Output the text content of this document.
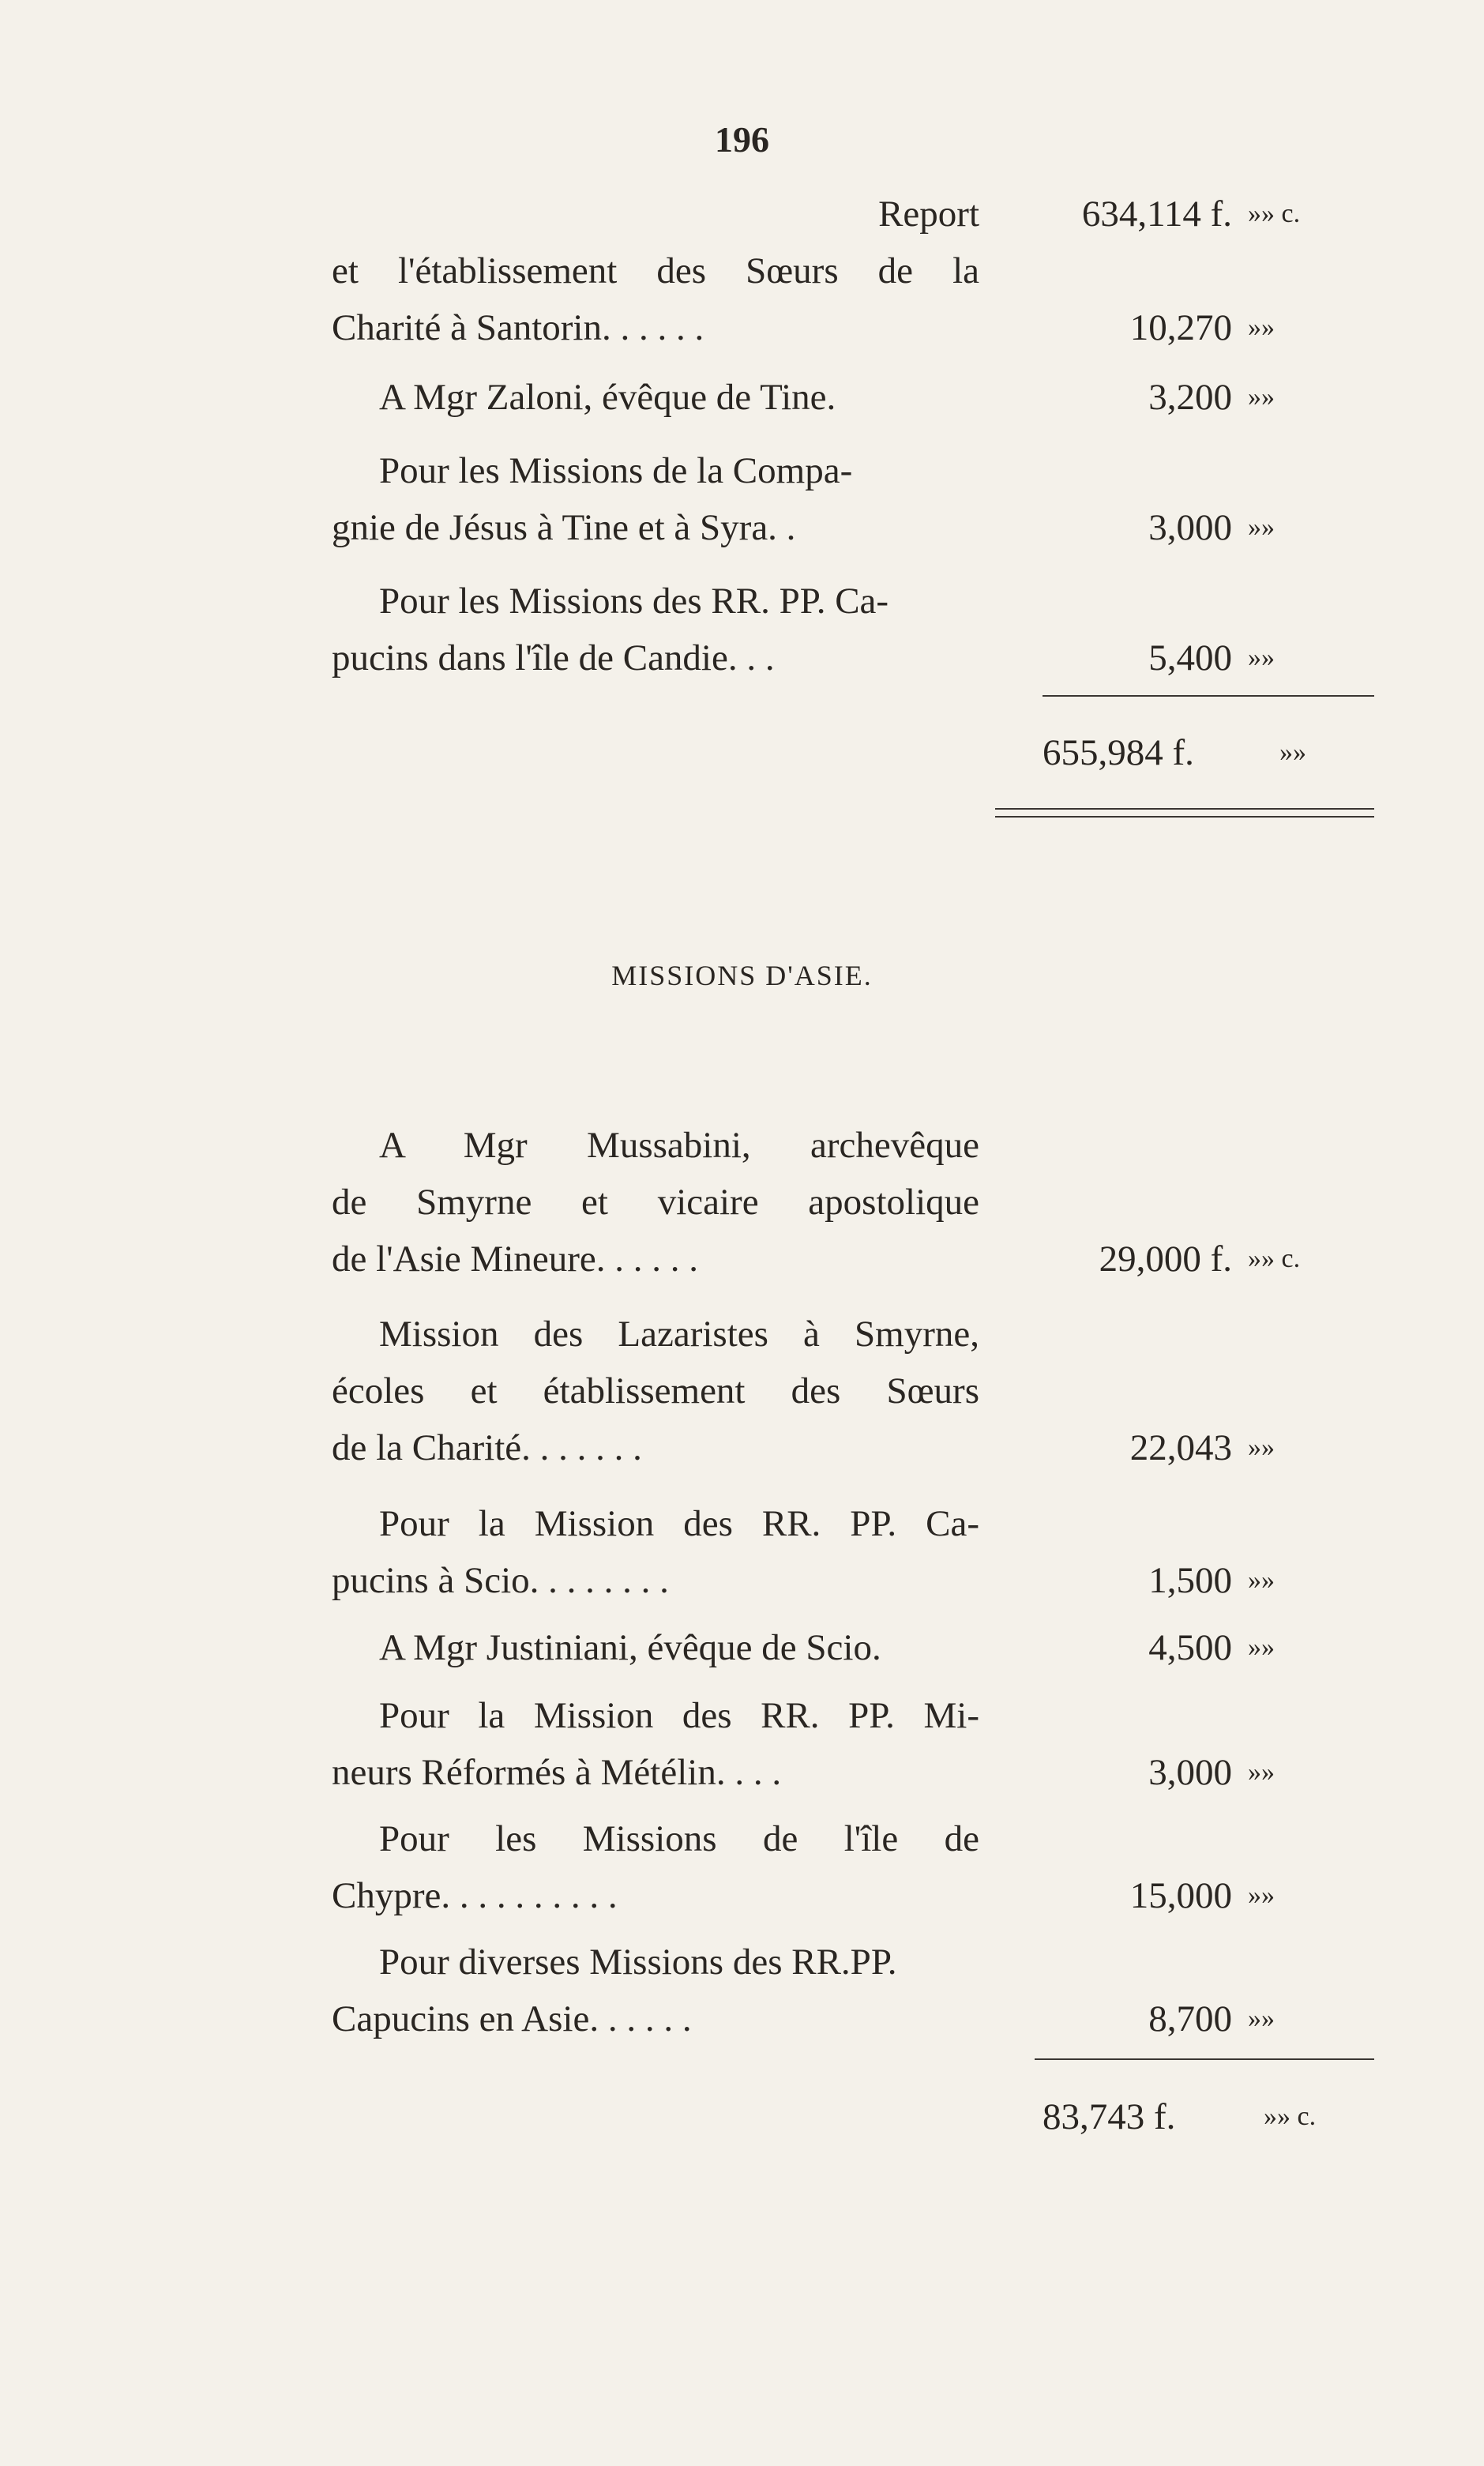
196
Report	634,114 f. »» c.
et l'établissement des Sœurs de la
Charité à Santorin. . . . . .	10,270 »»
A Mgr Zaloni, évêque de Tine.	3,200 »»
Pour les Missions de la Compa-
gnie de Jésus à Tine et à Syra. .	3,000 »»
Pour les Missions des RR. PP. Ca-
pucins dans l'île de Candie. . .	5,400 »»
655,984 f.	»»
MISSIONS D'ASIE.
A Mgr Mussabini, archevêque
de Smyrne et vicaire apostolique
de l'Asie Mineure. . . . . .	29,000 f. »» c.
Mission des Lazaristes à Smyrne,
écoles et établissement des Sœurs
de la Charité. . . . . . .	22,043 »»
Pour la Mission des RR. PP. Ca-
pucins à Scio. . . . . . . .	1,500 »»
A Mgr Justiniani, évêque de Scio.	4,500 »»
Pour la Mission des RR. PP. Mi-
neurs Réformés à Métélin. . . .	3,000 »»
Pour les Missions de l'île de
Chypre. . . . . . . . . .	15,000 »»
Pour diverses Missions des RR.PP.
Capucins en Asie. . . . . .	8,700 »»
83,743 f.	»» c.
